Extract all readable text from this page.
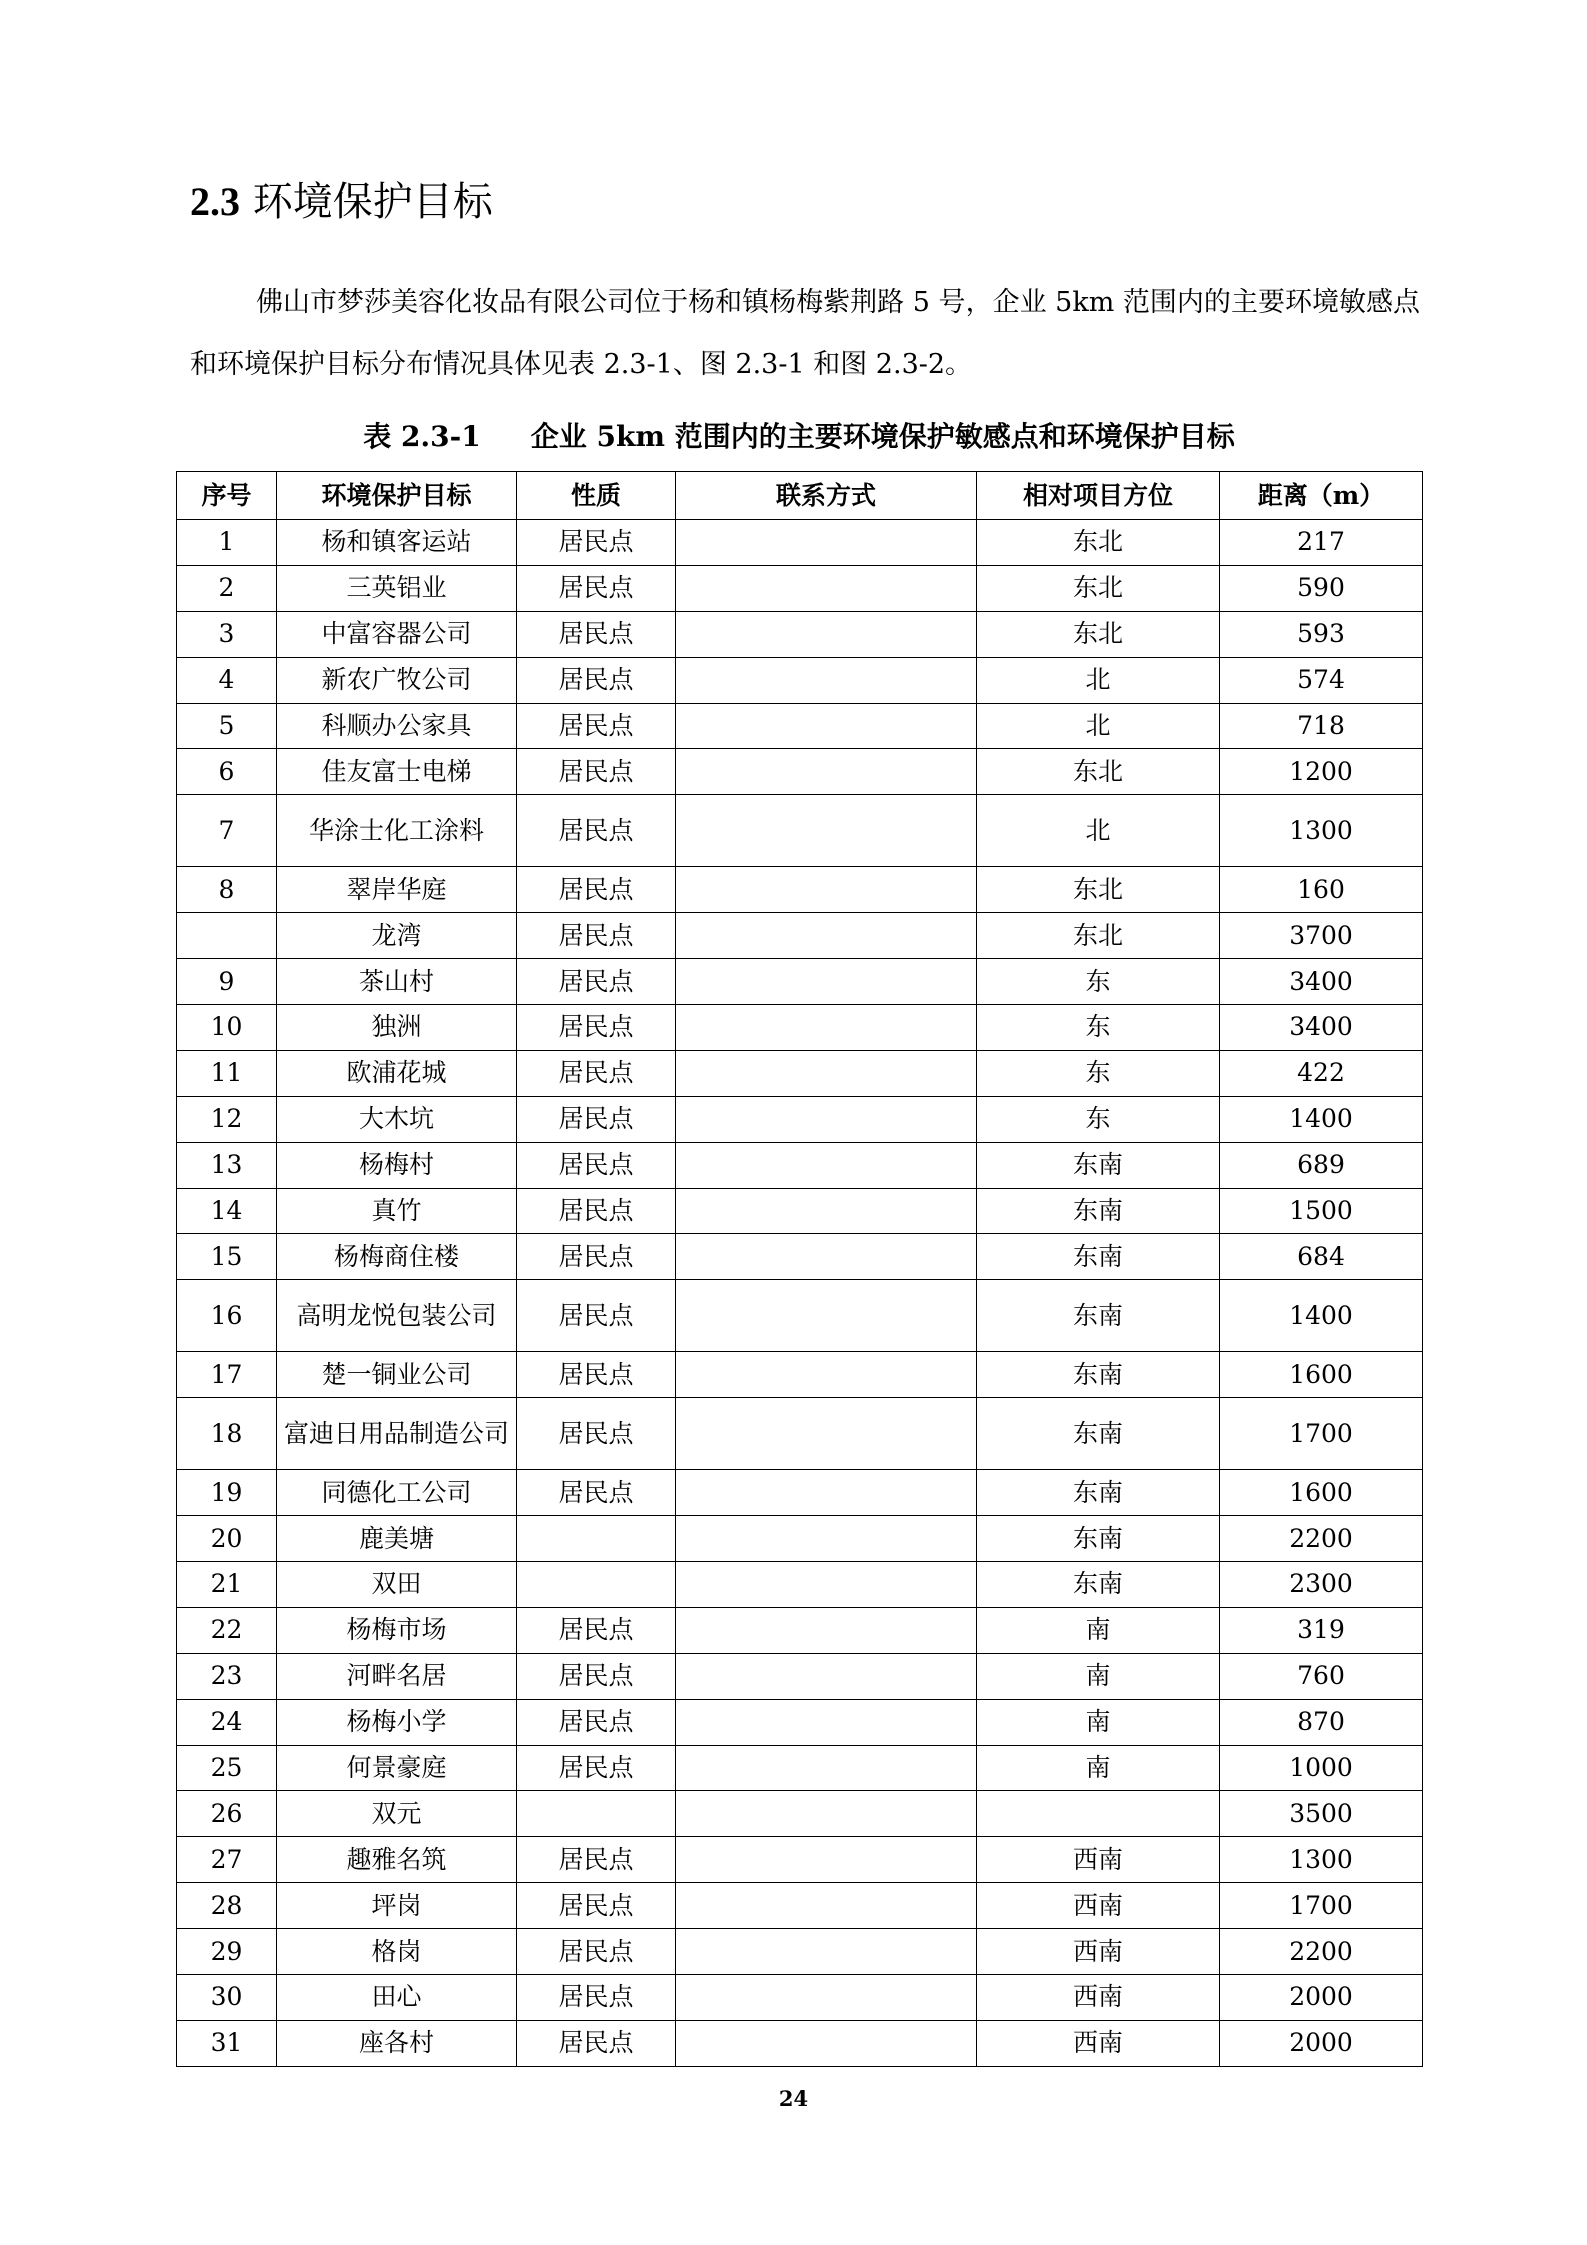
2.3 环境保护目标

佛山市梦莎美容化妆品有限公司位于杨和镇杨梅紫荆路 5 号，企业 5km 范围内的主要环境敏感点和环境保护目标分布情况具体见表 2.3-1、图 2.3-1 和图 2.3-2。

表 2.3-1 企业 5km 范围内的主要环境保护敏感点和环境保护目标
序号	环境保护目标	性质	联系方式	相对项目方位	距离（m）
1	杨和镇客运站	居民点		东北	217
2	三英铝业	居民点		东北	590
3	中富容器公司	居民点		东北	593
4	新农广牧公司	居民点		北	574
5	科顺办公家具	居民点		北	718
6	佳友富士电梯	居民点		东北	1200
7	华涂士化工涂料	居民点		北	1300
8	翠岸华庭	居民点		东北	160
	龙湾	居民点		东北	3700
9	茶山村	居民点		东	3400
10	独洲	居民点		东	3400
11	欧浦花城	居民点		东	422
12	大木坑	居民点		东	1400
13	杨梅村	居民点		东南	689
14	真竹	居民点		东南	1500
15	杨梅商住楼	居民点		东南	684
16	高明龙悦包装公司	居民点		东南	1400
17	楚一铜业公司	居民点		东南	1600
18	富迪日用品制造公司	居民点		东南	1700
19	同德化工公司	居民点		东南	1600
20	鹿美塘			东南	2200
21	双田			东南	2300
22	杨梅市场	居民点		南	319
23	河畔名居	居民点		南	760
24	杨梅小学	居民点		南	870
25	何景豪庭	居民点		南	1000
26	双元				3500
27	趣雅名筑	居民点		西南	1300
28	坪岗	居民点		西南	1700
29	格岗	居民点		西南	2200
30	田心	居民点		西南	2000
31	座各村	居民点		西南	2000
24
